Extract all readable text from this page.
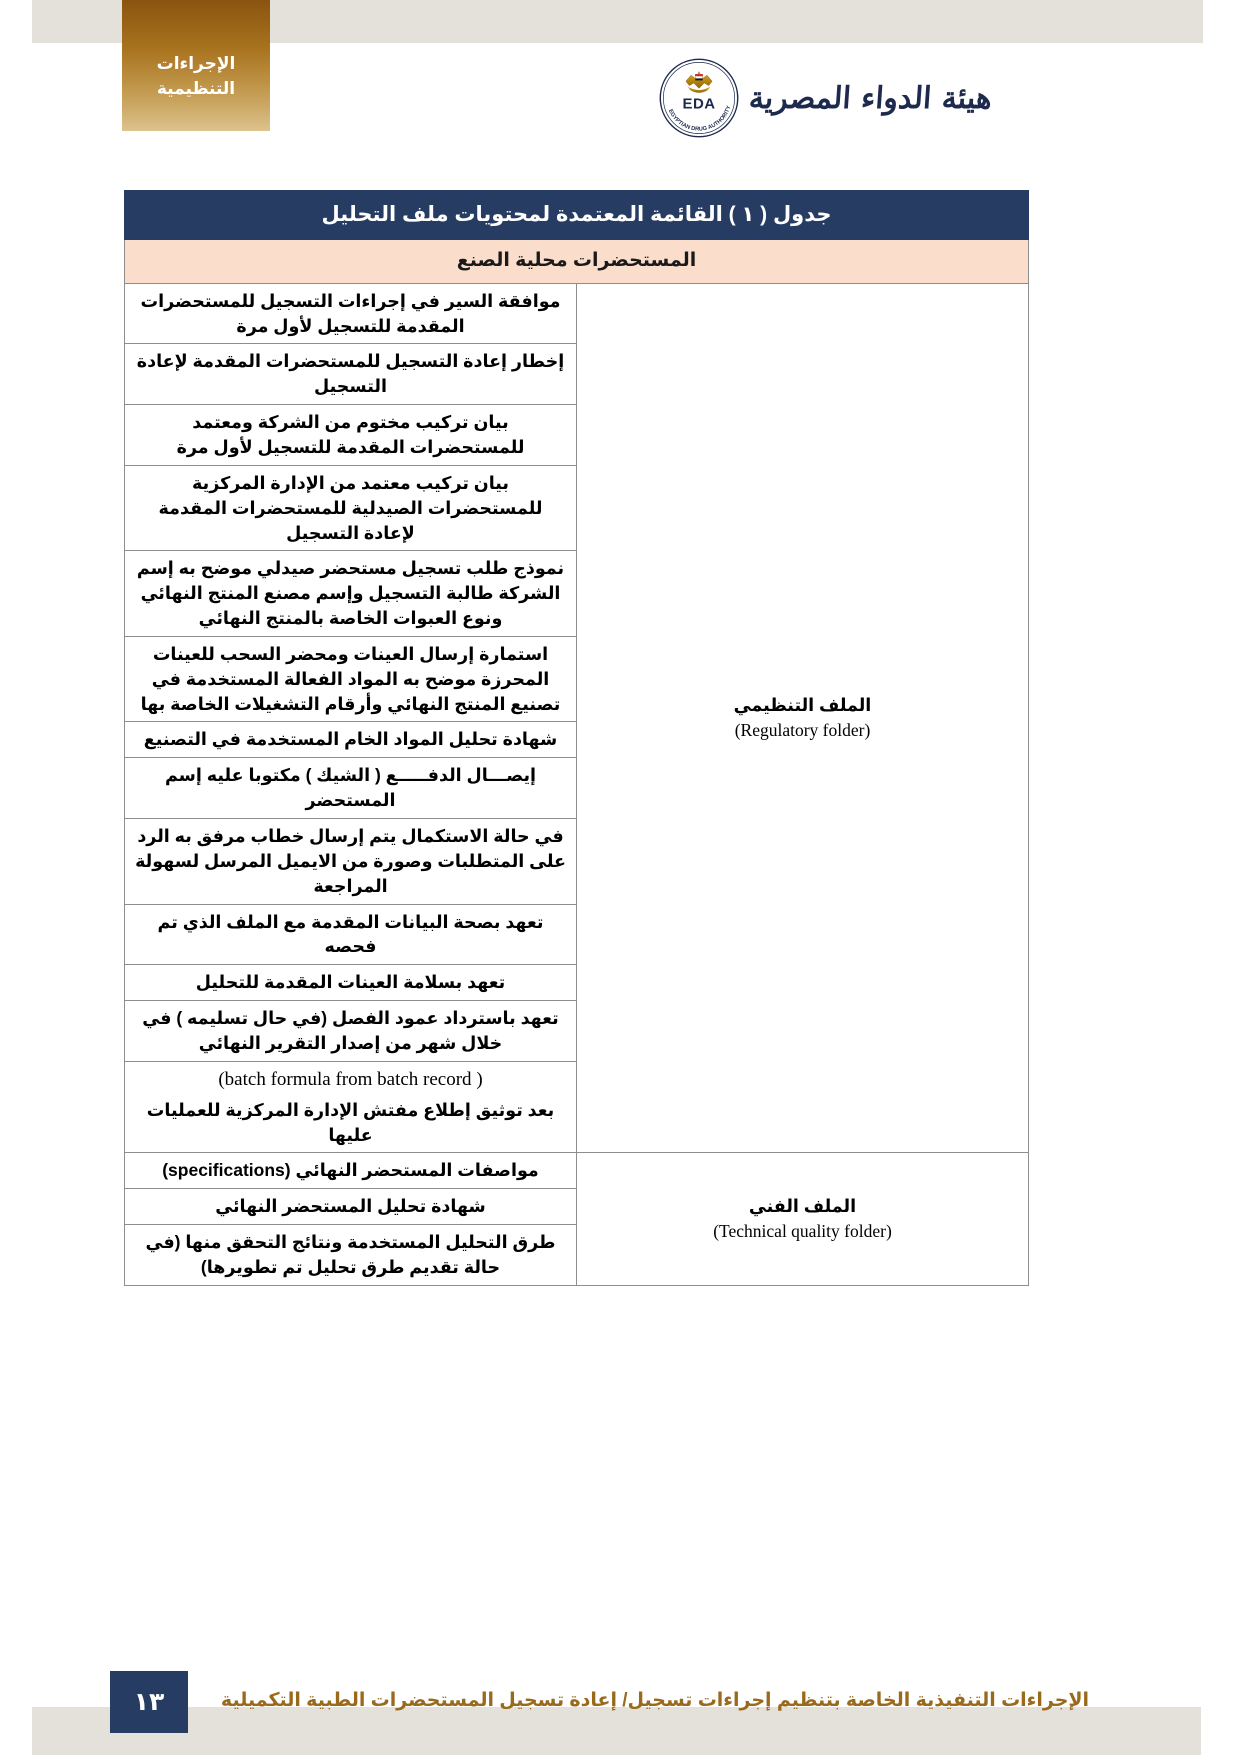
الإجراءات
التنظيمية
EDA
EGYPTIAN DRUG AUTHORITY هيئة الدواء المصرية
جدول ( ١ ) القائمة المعتمدة لمحتويات ملف التحليل	
المستحضرات محلية الصنع	

الملف التنظيمي
(Regulatory folder)	موافقة السير في إجراءات التسجيل للمستحضرات المقدمة للتسجيل لأول مرة
	إخطار إعادة التسجيل للمستحضرات المقدمة لإعادة التسجيل
	بيان تركيب مختوم من الشركة ومعتمد للمستحضرات المقدمة للتسجيل لأول مرة
	بيان تركيب معتمد من الإدارة المركزية للمستحضرات الصيدلية للمستحضرات المقدمة لإعادة التسجيل
	نموذج طلب تسجيل مستحضر صيدلي موضح به إسم الشركة طالبة التسجيل وإسم مصنع المنتج النهائي ونوع العبوات الخاصة بالمنتج النهائي
	استمارة إرسال العينات ومحضر السحب للعينات المحرزة موضح به المواد الفعالة المستخدمة في تصنيع المنتج النهائي وأرقام التشغيلات الخاصة بها
	شهادة تحليل المواد الخام المستخدمة في التصنيع
	إيصـــال الدفـــــع ( الشيك ) مكتوبا عليه إسم المستحضر
	في حالة الاستكمال يتم إرسال خطاب مرفق به الرد على المتطلبات وصورة من الايميل المرسل لسهولة المراجعة
	تعهد بصحة البيانات المقدمة مع الملف الذي تم فحصه
	تعهد بسلامة العينات المقدمة للتحليل
	تعهد باسترداد عمود الفصل (في حال تسليمه ) في خلال شهر من إصدار التقرير النهائي
	( batch formula from batch record)
بعد توثيق إطلاع مفتش الإدارة المركزية للعمليات عليها

الملف الفني
(Technical quality folder)	مواصفات المستحضر النهائي (specifications)
	شهادة تحليل المستحضر النهائي
	طرق التحليل المستخدمة ونتائج التحقق منها (في حالة تقديم طرق تحليل تم تطويرها)
١٣	الإجراءات التنفيذية الخاصة بتنظيم إجراءات تسجيل/ إعادة تسجيل المستحضرات الطبية التكميلية
